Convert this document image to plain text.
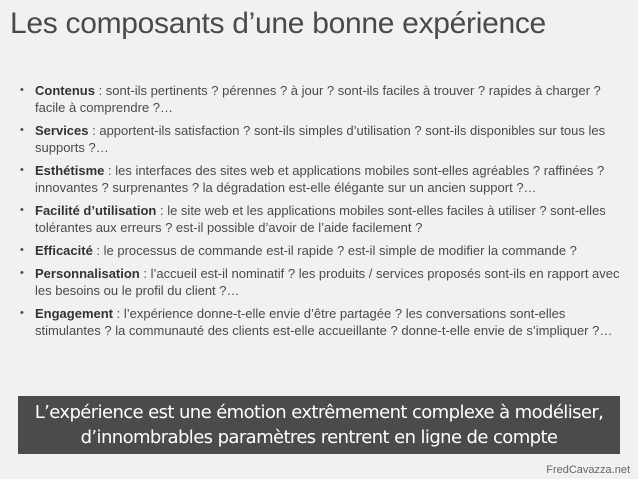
Les composants d’une bonne expérience
• Contenus : sont-ils pertinents ? pérennes ? à jour ? sont-ils faciles à trouver ? rapides à charger ? facile à comprendre ?…
• Services : apportent-ils satisfaction ? sont-ils simples d’utilisation ? sont-ils disponibles sur tous les supports ?…
• Esthétisme : les interfaces des sites web et applications mobiles sont-elles agréables ? raffinées ? innovantes ? surprenantes ? la dégradation est-elle élégante sur un ancien support ?…
• Facilité d’utilisation : le site web et les applications mobiles sont-elles faciles à utiliser ? sont-elles tolérantes aux erreurs ? est-il possible d’avoir de l’aide facilement ?
• Efficacité : le processus de commande est-il rapide ? est-il simple de modifier la commande ?
• Personnalisation : l’accueil est-il nominatif ? les produits / services proposés sont-ils en rapport avec les besoins ou le profil du client ?…
• Engagement : l’expérience donne-t-elle envie d’être partagée ? les conversations sont-elles stimulantes ? la communauté des clients est-elle accueillante ? donne-t-elle envie de s’impliquer ?…
L’expérience est une émotion extrêmement complexe à modéliser, d’innombrables paramètres rentrent en ligne de compte
FredCavazza.net
